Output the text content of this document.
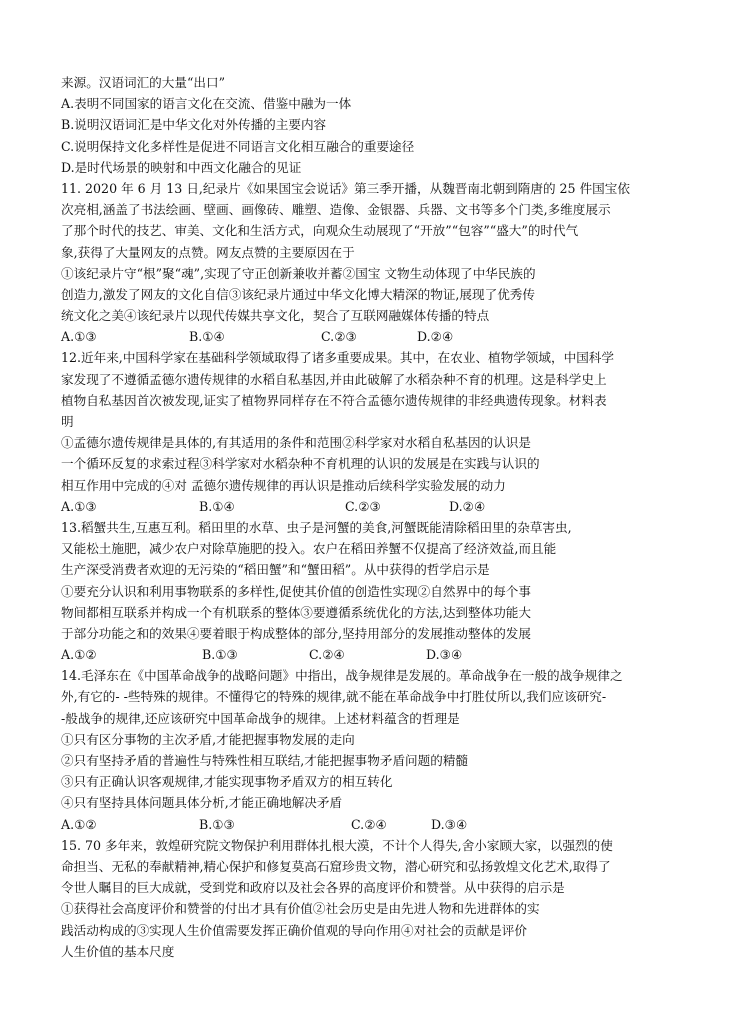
来源。汉语词汇的大量“出口”
A.表明不同国家的语言文化在交流、借鉴中融为一体
B.说明汉语词汇是中华文化对外传播的主要内容
C.说明保持文化多样性是促进不同语言文化相互融合的重要途径
D.是时代场景的映射和中西文化融合的见证
11. 2020 年 6 月 13 日,纪录片《如果国宝会说话》第三季开播，从魏晋南北朝到隋唐的 25 件国宝依
次亮相,涵盖了书法绘画、壁画、画像砖、雕塑、造像、金银器、兵器、文书等多个门类,多维度展示
了那个时代的技艺、审美、文化和生活方式，向观众生动展现了“开放”“包容”“盛大”的时代气
象,获得了大量网友的点赞。网友点赞的主要原因在于
①该纪录片守“根”聚“魂”,实现了守正创新兼收并蓄②国宝 文物生动体现了中华民族的
创造力,激发了网友的文化自信③该纪录片通过中华文化博大精深的物证,展现了优秀传
统文化之美④该纪录片以现代传媒共享文化，契合了互联网融媒体传播的特点
A.①③	B.①④	C.②③	D.②④
12.近年来,中国科学家在基础科学领域取得了诸多重要成果。其中，在农业、植物学领域，中国科学
家发现了不遵循孟德尔遗传规律的水稻自私基因,并由此破解了水稻杂种不育的机理。这是科学史上
植物自私基因首次被发现,证实了植物界同样存在不符合孟德尔遗传规律的非经典遗传现象。材料表
明
①孟德尔遗传规律是具体的,有其适用的条件和范围②科学家对水稻自私基因的认识是
一个循环反复的求索过程③科学家对水稻杂种不育机理的认识的发展是在实践与认识的
相互作用中完成的④对 孟德尔遗传规律的再认识是推动后续科学实验发展的动力
A.①③	B.①④	C.②③	D.②④
13.稻蟹共生,互惠互利。稻田里的水草、虫子是河蟹的美食,河蟹既能清除稻田里的杂草害虫,
又能松土施肥，减少农户对除草施肥的投入。农户在稻田养蟹不仅提高了经济效益,而且能
生产深受消费者欢迎的无污染的“稻田蟹”和“蟹田稻”。从中获得的哲学启示是
①要充分认识和利用事物联系的多样性,促使其价值的创造性实现②自然界中的每个事
物间都相互联系并构成一个有机联系的整体③要遵循系统优化的方法,达到整体功能大
于部分功能之和的效果④要着眼于构成整体的部分,坚持用部分的发展推动整体的发展
A.①②	B.①③	C.②④	D.③④
14.毛泽东在《中国革命战争的战略问题》中指出，战争规律是发展的。革命战争在一般的战争规律之
外,有它的- -些特殊的规律。不懂得它的特殊的规律,就不能在革命战争中打胜仗所以,我们应该研究-
-般战争的规律,还应该研究中国革命战争的规律。上述材料蕴含的哲理是
①只有区分事物的主次矛盾,才能把握事物发展的走向
②只有坚持矛盾的普遍性与特殊性相互联结,才能把握事物矛盾问题的精髓
③只有正确认识客观规律,才能实现事物矛盾双方的相互转化
④只有坚持具体问题具体分析,才能正确地解决矛盾
A.①②	B.①③	C.②④	D.③④
15. 70 多年来，敦煌研究院文物保护利用群体扎根大漠，不计个人得失,舍小家顾大家，以强烈的使
命担当、无私的奉献精神,精心保护和修复莫高石窟珍贵文物，潜心研究和弘扬敦煌文化艺术,取得了
令世人瞩目的巨大成就，受到党和政府以及社会各界的高度评价和赞誉。从中获得的启示是
①获得社会高度评价和赞誉的付出才具有价值②社会历史是由先进人物和先进群体的实
践活动构成的③实现人生价值需要发挥正确价值观的导向作用④对社会的贡献是评价
人生价值的基本尺度
